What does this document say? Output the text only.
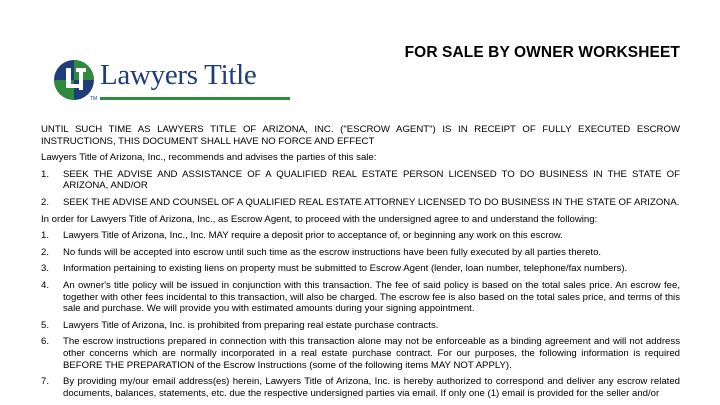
FOR SALE BY OWNER WORKSHEET
Lawyers Title
TM

UNTIL SUCH TIME AS LAWYERS TITLE OF ARIZONA, INC. ("ESCROW AGENT") IS IN RECEIPT OF FULLY EXECUTED ESCROW INSTRUCTIONS, THIS DOCUMENT SHALL HAVE NO FORCE AND EFFECT

Lawyers Title of Arizona, Inc., recommends and advises the parties of this sale:

1.	SEEK THE ADVISE AND ASSISTANCE OF A QUALIFIED REAL ESTATE PERSON LICENSED TO DO BUSINESS IN THE STATE OF ARIZONA, AND/OR
2.	SEEK THE ADVISE AND COUNSEL OF A QUALIFIED REAL ESTATE ATTORNEY LICENSED TO DO BUSINESS IN THE STATE OF ARIZONA.

In order for Lawyers Title of Arizona, Inc., as Escrow Agent, to proceed with the undersigned agree to and understand the following:

1.	Lawyers Title of Arizona, Inc., Inc. MAY require a deposit prior to acceptance of, or beginning any work on this escrow.
2.	No funds will be accepted into escrow until such time as the escrow instructions have been fully executed by all parties thereto.
3.	Information pertaining to existing liens on property must be submitted to Escrow Agent (lender, loan number, telephone/fax numbers).
4.	An owner's title policy will be issued in conjunction with this transaction. The fee of said policy is based on the total sales price. An escrow fee, together with other fees incidental to this transaction, will also be charged. The escrow fee is also based on the total sales price, and terms of this sale and purchase. We will provide you with estimated amounts during your signing appointment.
5.	Lawyers Title of Arizona, Inc. is prohibited from preparing real estate purchase contracts.
6.	The escrow instructions prepared in connection with this transaction alone may not be enforceable as a binding agreement and will not address other concerns which are normally incorporated in a real estate purchase contract. For our purposes, the following information is required BEFORE THE PREPARATION of the Escrow Instructions (some of the following items MAY NOT APPLY).
7.	By providing my/our email address(es) herein, Lawyers Title of Arizona, Inc. is hereby authorized to correspond and deliver any escrow related documents, balances, statements, etc. due the respective undersigned parties via email. If only one (1) email is provided for the seller and/or
